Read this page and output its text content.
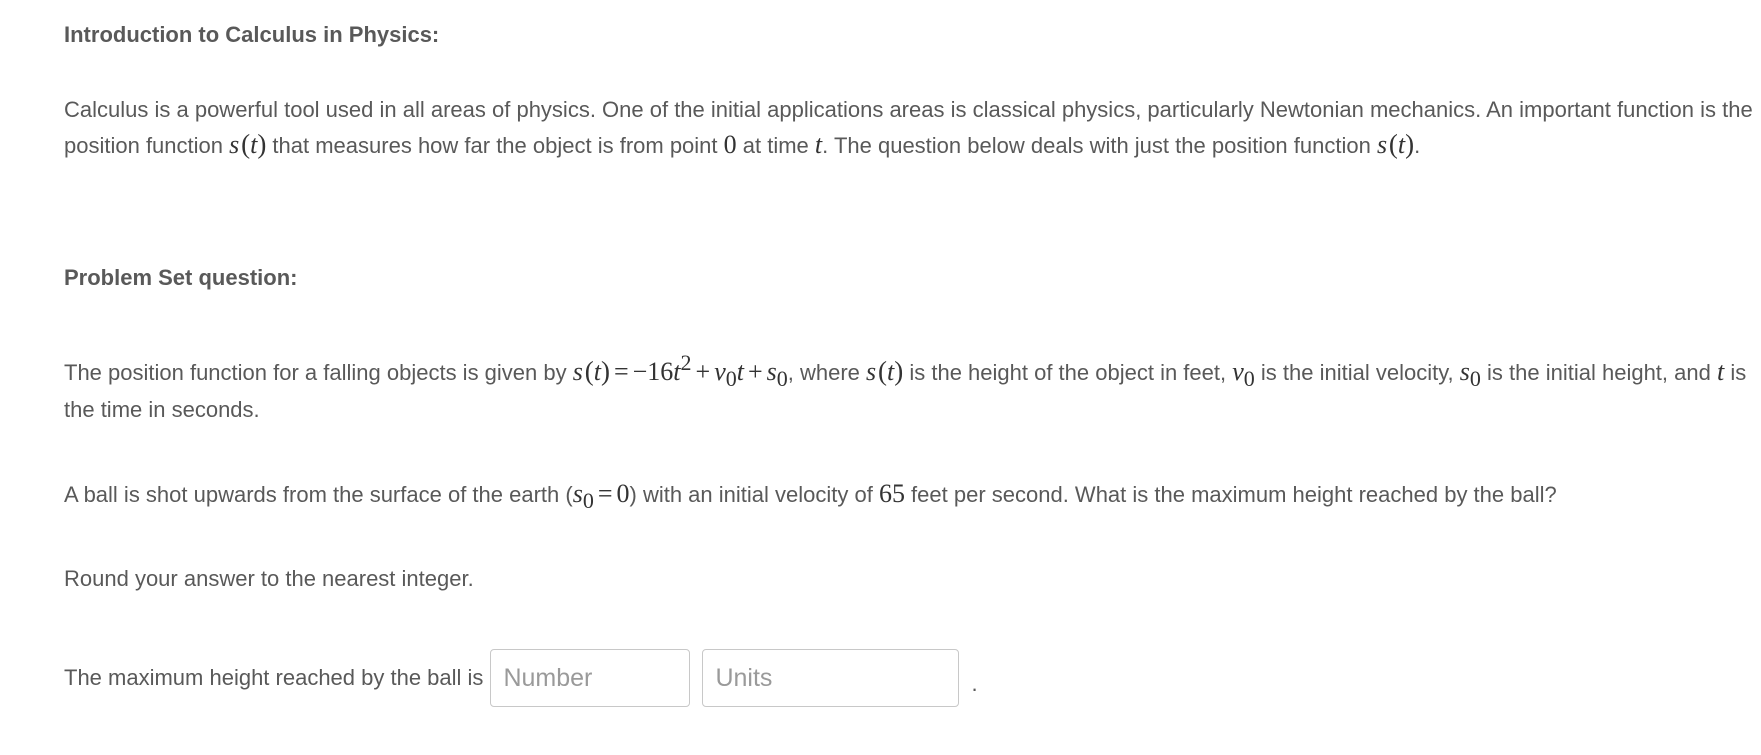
Introduction to Calculus in Physics:
Calculus is a powerful tool used in all areas of physics. One of the initial applications areas is classical physics, particularly Newtonian mechanics. An important function is the position function s (t) that measures how far the object is from point 0 at time t. The question below deals with just the position function s (t).
Problem Set question:
The position function for a falling objects is given by s $(t) = -16t^2 + v_0t + s_0$, where s (t) is the height of the object in feet, $v_0$ is the initial velocity, $s_0$ is the initial height, and t is the time in seconds.
A ball is shot upwards from the surface of the earth $(s_0 = 0)$ with an initial velocity of 65 feet per second. What is the maximum height reached by the ball?
Round your answer to the nearest integer.
The maximum height reached by the ball is
Number
Units	.
